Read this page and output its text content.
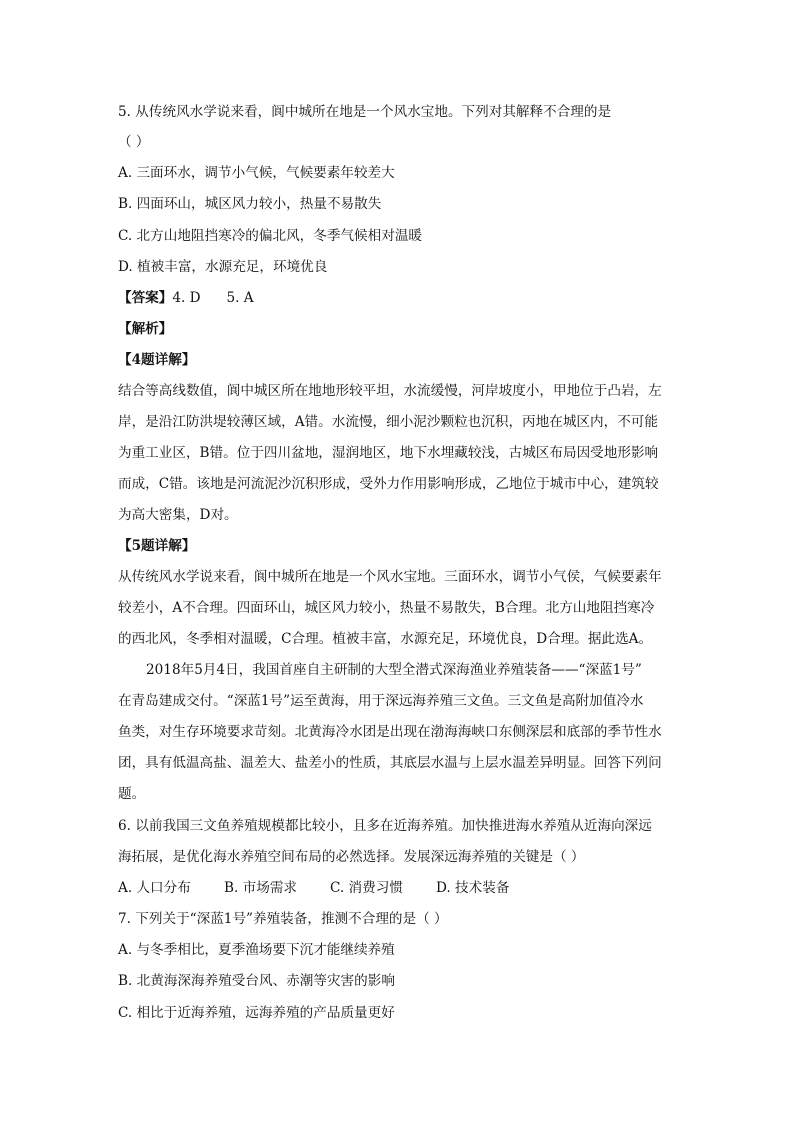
5. 从传统风水学说来看，阆中城所在地是一个风水宝地。下列对其解释不合理的是
（ ）
A. 三面环水，调节小气候，气候要素年较差大
B. 四面环山，城区风力较小，热量不易散失
C. 北方山地阻挡寒冷的偏北风，冬季气候相对温暖
D. 植被丰富，水源充足，环境优良
【答案】4. D      5. A
【解析】
【4题详解】
结合等高线数值，阆中城区所在地地形较平坦，水流缓慢，河岸坡度小，甲地位于凸岩，左
岸，是沿江防洪堤较薄区域，A错。水流慢，细小泥沙颗粒也沉积，丙地在城区内，不可能
为重工业区，B错。位于四川盆地，湿润地区，地下水埋藏较浅，古城区布局因受地形影响
而成，C错。该地是河流泥沙沉积形成，受外力作用影响形成，乙地位于城市中心，建筑较
为高大密集，D对。
【5题详解】
从传统风水学说来看，阆中城所在地是一个风水宝地。三面环水，调节小气侯，气候要素年
较差小，A不合理。四面环山，城区风力较小，热量不易散失，B合理。北方山地阻挡寒冷
的西北风，冬季相对温暖，C合理。植被丰富，水源充足，环境优良，D合理。据此选A。
2018年5月4日，我国首座自主研制的大型全潜式深海渔业养殖装备——“深蓝1号”
在青岛建成交付。“深蓝1号”运至黄海，用于深远海养殖三文鱼。三文鱼是高附加值冷水
鱼类，对生存环境要求苛刻。北黄海冷水团是出现在渤海海峡口东侧深层和底部的季节性水
团，具有低温高盐、温差大、盐差小的性质，其底层水温与上层水温差异明显。回答下列问
题。
6. 以前我国三文鱼养殖规模都比较小，且多在近海养殖。加快推进海水养殖从近海向深远
海拓展，是优化海水养殖空间布局的必然选择。发展深远海养殖的关键是（ ）
A. 人口分布 B. 市场需求 C. 消费习惯 D. 技术装备
7. 下列关于“深蓝1号”养殖装备，推测不合理的是（ ）
A. 与冬季相比，夏季渔场要下沉才能继续养殖
B. 北黄海深海养殖受台风、赤潮等灾害的影响
C. 相比于近海养殖，远海养殖的产品质量更好
